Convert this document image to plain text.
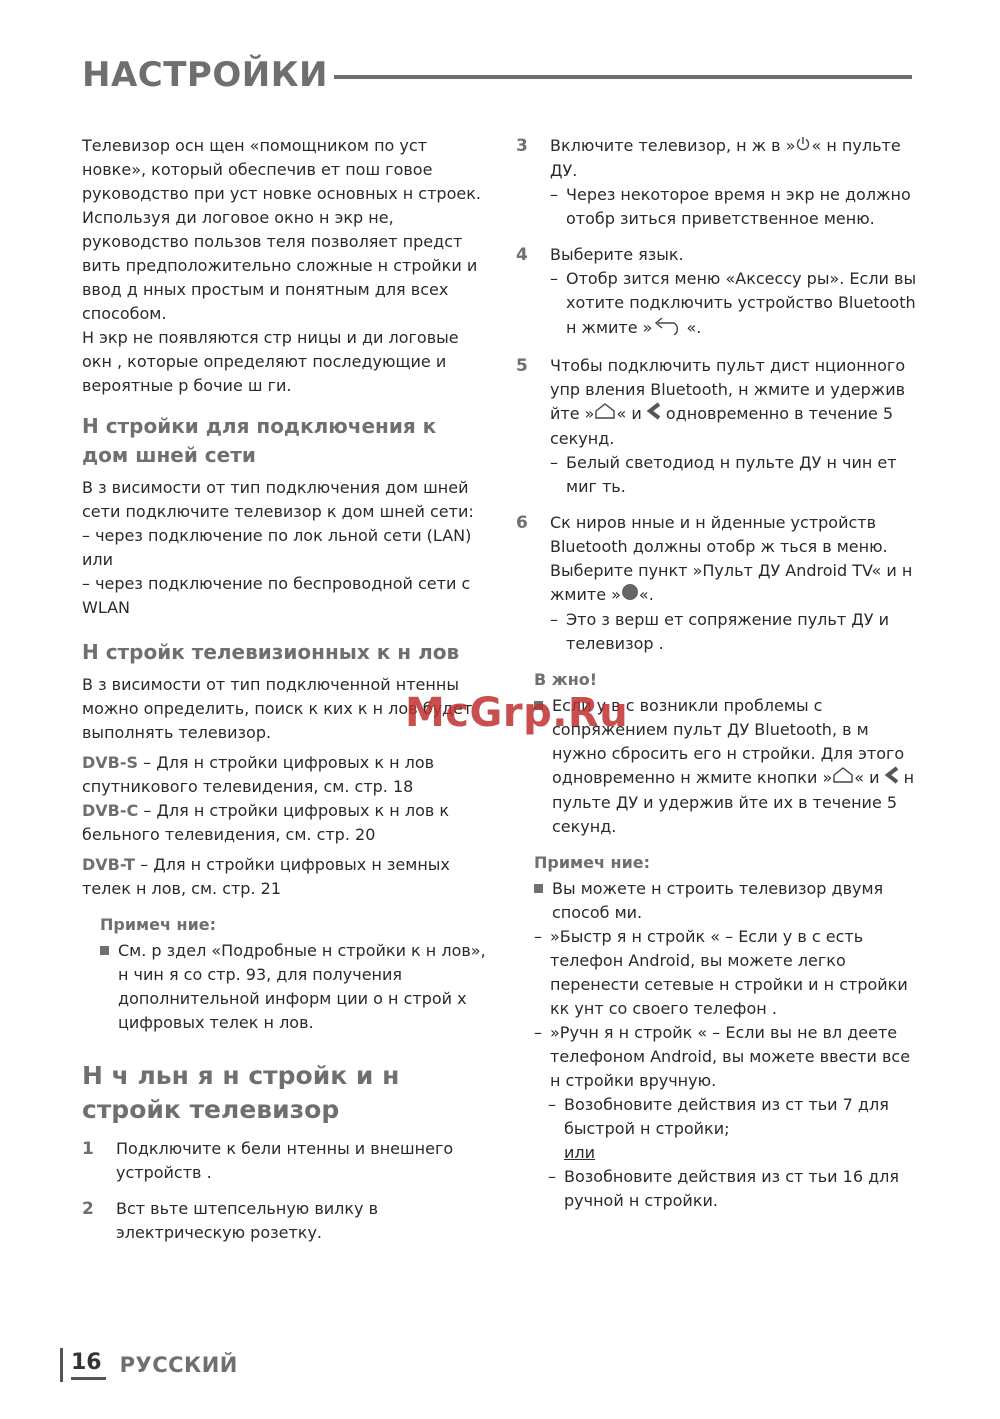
НАСТРОЙКИ

Телевизор осн щен «помощником по уст новке», который обеспечив ет пош говое руководство при уст новке основных н строек.

Используя ди логовое окно н экр не, руководство пользов теля позволяет предст вить предположительно сложные н стройки и ввод д нных простым и понятным для всех способом.

Н экр не появляются стр ницы и ди логовые окн , которые определяют последующие и вероятные р бочие ш ги.

Н стройки для подключения к дом шней сети

В з висимости от тип подключения дом шней сети подключите телевизор к дом шней сети:

– через подключение по лок льной сети (LAN) или

– через подключение по беспроводной сети с WLAN

Н стройк телевизионных к н лов

В з висимости от тип подключенной нтенны можно определить, поиск к ких к н лов будет выполнять телевизор.

DVB-S – Для н стройки цифровых к н лов спутникового телевидения, см. стр. 18

DVB-C – Для н стройки цифровых к н лов к бельного телевидения, см. стр. 20

DVB-T – Для н стройки цифровых н земных телек н лов, см. стр. 21

Примеч ние:
См. р здел «Подробные н стройки к н лов», н чин я со стр. 93, для получения дополнительной информ ции о н строй х цифровых телек н лов.
Н ч льн я н стройк и н стройк телевизор
1 Подключите к бели нтенны и внешнего устройств .
2 Вст вьте штепсельную вилку в электрическую розетку.
3 Включите телевизор, н ж в » « н пульте ДУ.
– Через некоторое время н экр не должно отобр зиться приветственное меню.
4 Выберите язык.
– Отобр зится меню «Аксессу ры». Если вы хотите подключить устройство Bluetooth н жмите » «.
5 Чтобы подключить пульт дист нционного упр вления Bluetooth, н жмите и удержив йте » « и  одновременно в течение 5 секунд.
– Белый светодиод н пульте ДУ н чин ет миг ть.
6 Ск ниров нные и н йденные устройств Bluetooth должны отобр ж ться в меню. Выберите пункт »Пульт ДУ Android TV« и н жмите » «.
– Это з верш ет сопряжение пульт ДУ и телевизор .
В жно!
Если у в с возникли проблемы с сопряжением пульт ДУ Bluetooth, в м нужно сбросить его н стройки. Для этого одновременно н жмите кнопки » « и  н пульте ДУ и удержив йте их в течение 5 секунд.
Примеч ние:
Вы можете н строить телевизор двумя способ ми.
– »Быстр я н стройк « – Если у в с есть телефон Android, вы можете легко перенести сетевые н стройки и н стройки кк унт со своего телефон .
– »Ручн я н стройк « – Если вы не вл деете телефоном Android, вы можете ввести все н стройки вручную.
– Возобновите действия из ст тьи 7 для быстрой н стройки;
или
– Возобновите действия из ст тьи 16 для ручной н стройки.
McGrp.Ru
16 РУССКИЙ
